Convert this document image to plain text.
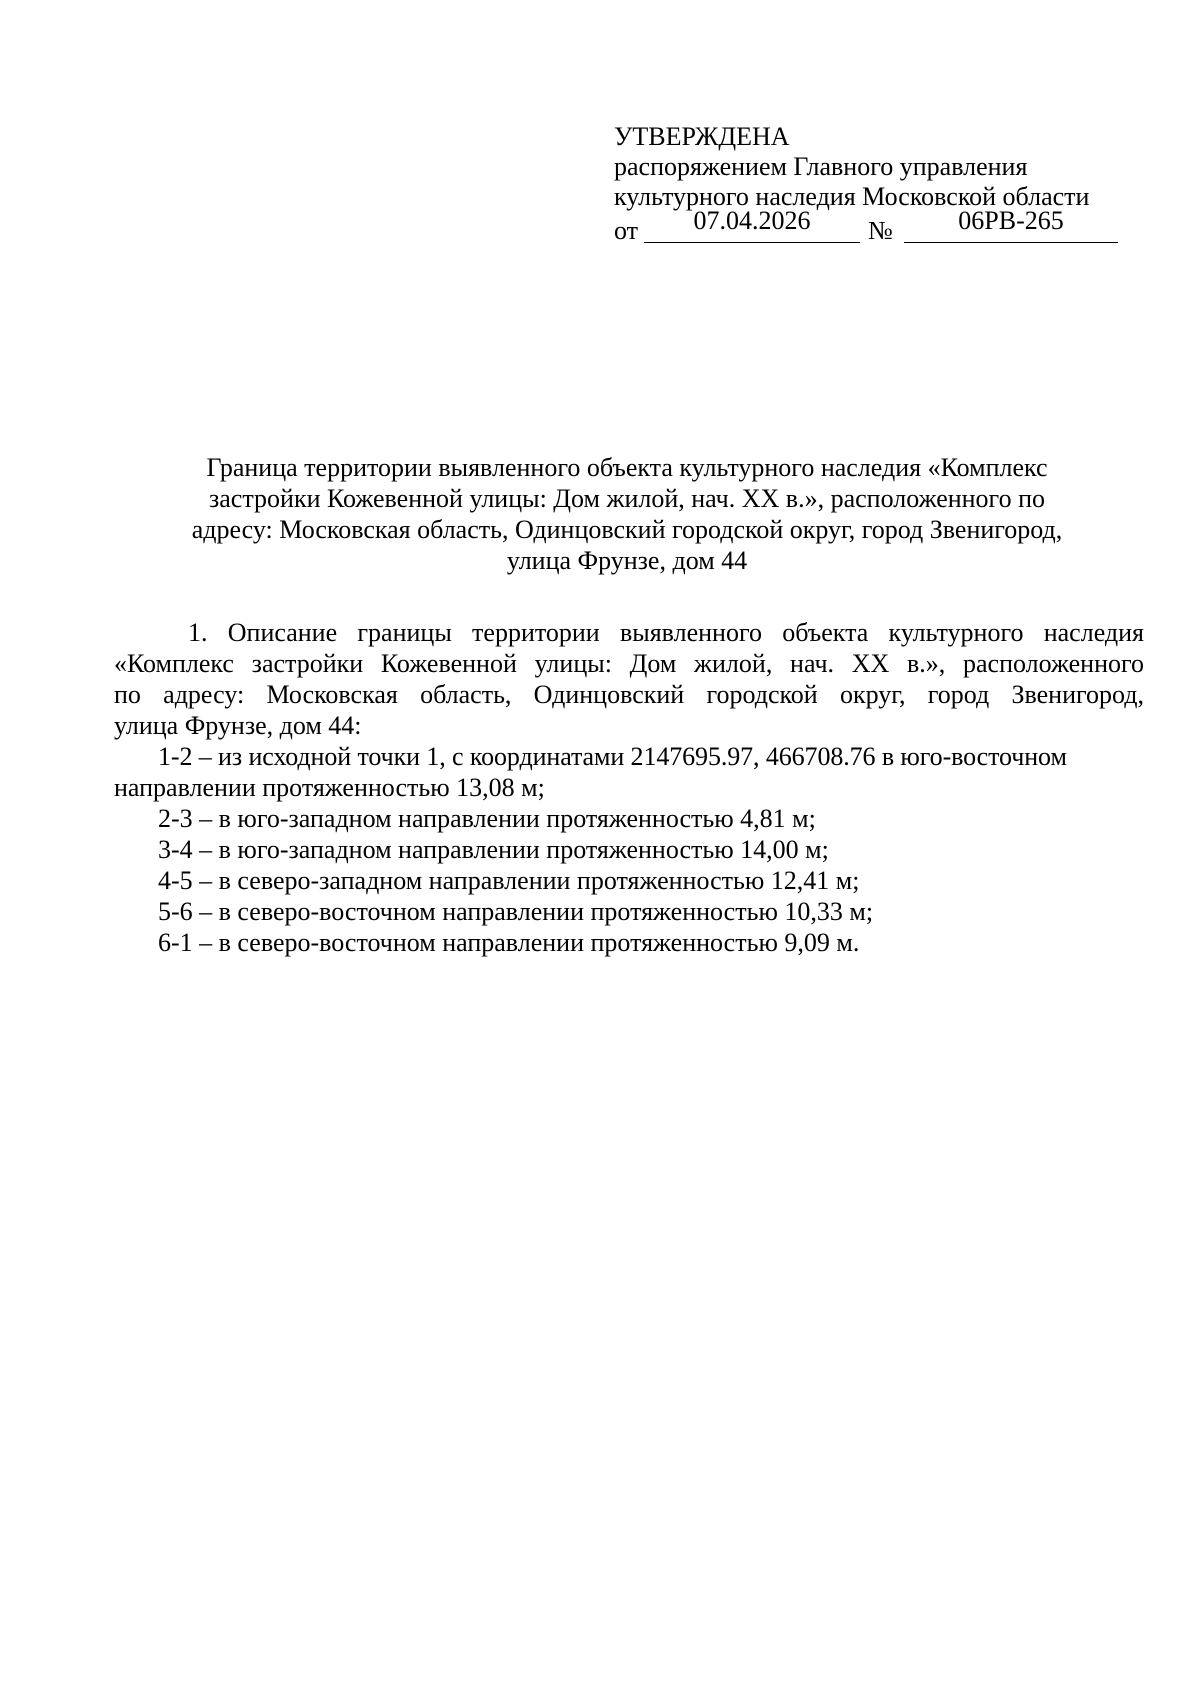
УТВЕРЖДЕНА
распоряжением Главного управления
культурного наследия Московской области
от	07.04.2026	№	06РВ-265
Граница территории выявленного объекта культурного наследия «Комплекс
застройки Кожевенной улицы: Дом жилой, нач. XX в.», расположенного по
адресу: Московская область, Одинцовский городской округ, город Звенигород,
улица Фрунзе, дом 44
1. Описание границы территории выявленного объекта культурного наследия
«Комплекс застройки Кожевенной улицы: Дом жилой, нач. XX в.», расположенного
по адресу: Московская область, Одинцовский городской округ, город Звенигород,
улица Фрунзе, дом 44:
1-2 – из исходной точки 1, с координатами 2147695.97, 466708.76 в юго-восточном
направлении протяженностью 13,08 м;
2-3 – в юго-западном направлении протяженностью 4,81 м;
3-4 – в юго-западном направлении протяженностью 14,00 м;
4-5 – в северо-западном направлении протяженностью 12,41 м;
5-6 – в северо-восточном направлении протяженностью 10,33 м;
6-1 – в северо-восточном направлении протяженностью 9,09 м.
